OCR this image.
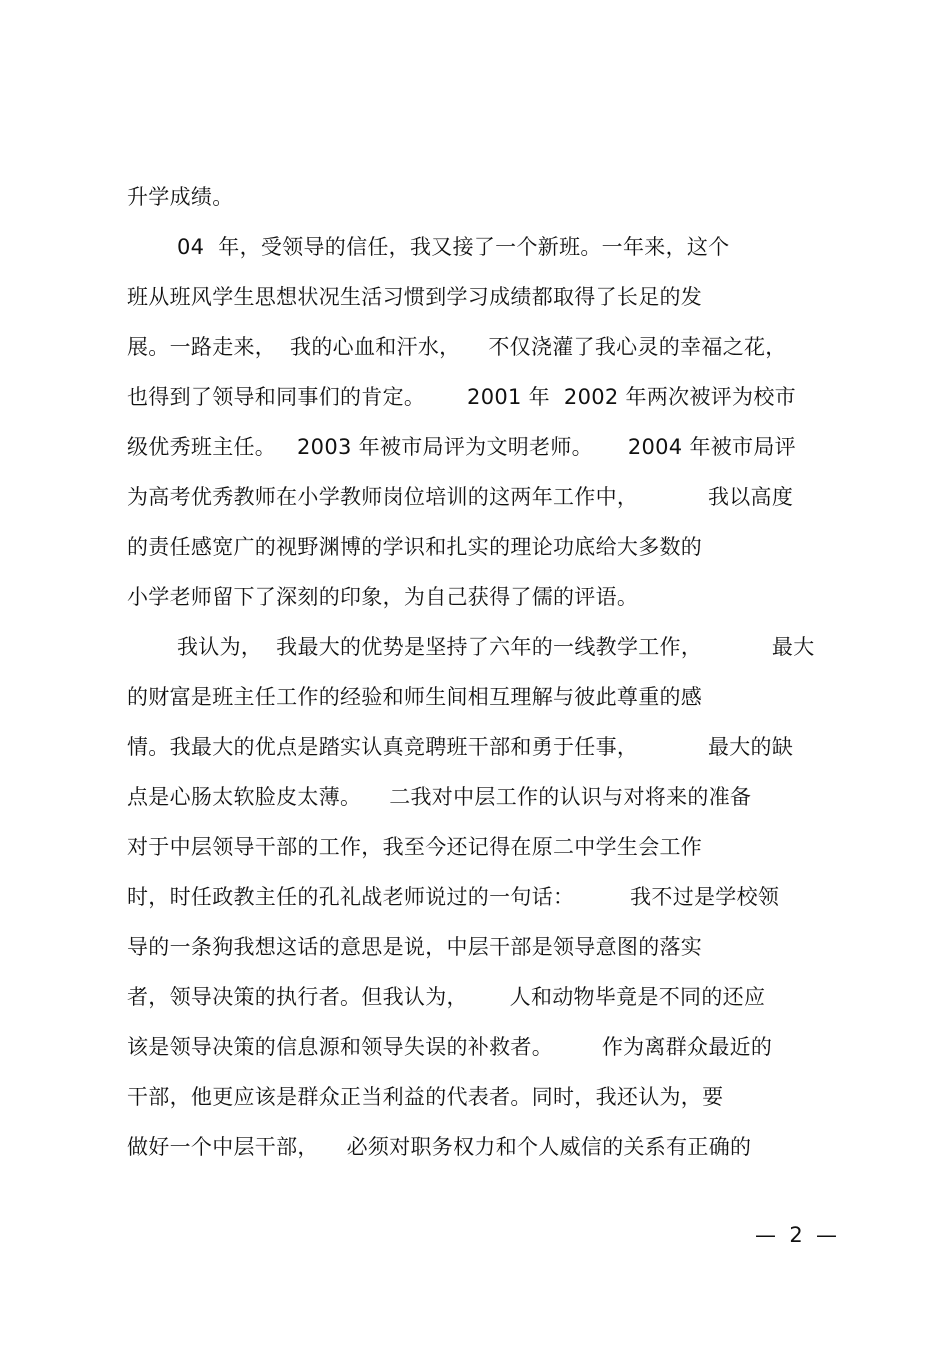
升学成绩。
04  年，受领导的信任，我又接了一个新班。一年来，这个
班从班风学生思想状况生活习惯到学习成绩都取得了长足的发
展。一路走来，  我的心血和汗水，    不仅浇灌了我心灵的幸福之花，
也得到了领导和同事们的肯定。      2001 年  2002 年两次被评为校市
级优秀班主任。   2003 年被市局评为文明老师。     2004 年被市局评
为高考优秀教师在小学教师岗位培训的这两年工作中，          我以高度
的责任感宽广的视野渊博的学识和扎实的理论功底给大多数的
小学老师留下了深刻的印象，为自己获得了儒的评语。
我认为，  我最大的优势是坚持了六年的一线教学工作，          最大
的财富是班主任工作的经验和师生间相互理解与彼此尊重的感
情。我最大的优点是踏实认真竞聘班干部和勇于任事，          最大的缺
点是心肠太软脸皮太薄。    二我对中层工作的认识与对将来的准备
对于中层领导干部的工作，我至今还记得在原二中学生会工作
时，时任政教主任的孔礼战老师说过的一句话：        我不过是学校领
导的一条狗我想这话的意思是说，中层干部是领导意图的落实
者，领导决策的执行者。但我认为，      人和动物毕竟是不同的还应
该是领导决策的信息源和领导失误的补救者。       作为离群众最近的
干部，他更应该是群众正当利益的代表者。同时，我还认为，要
做好一个中层干部，    必须对职务权力和个人威信的关系有正确的
—  2  —
